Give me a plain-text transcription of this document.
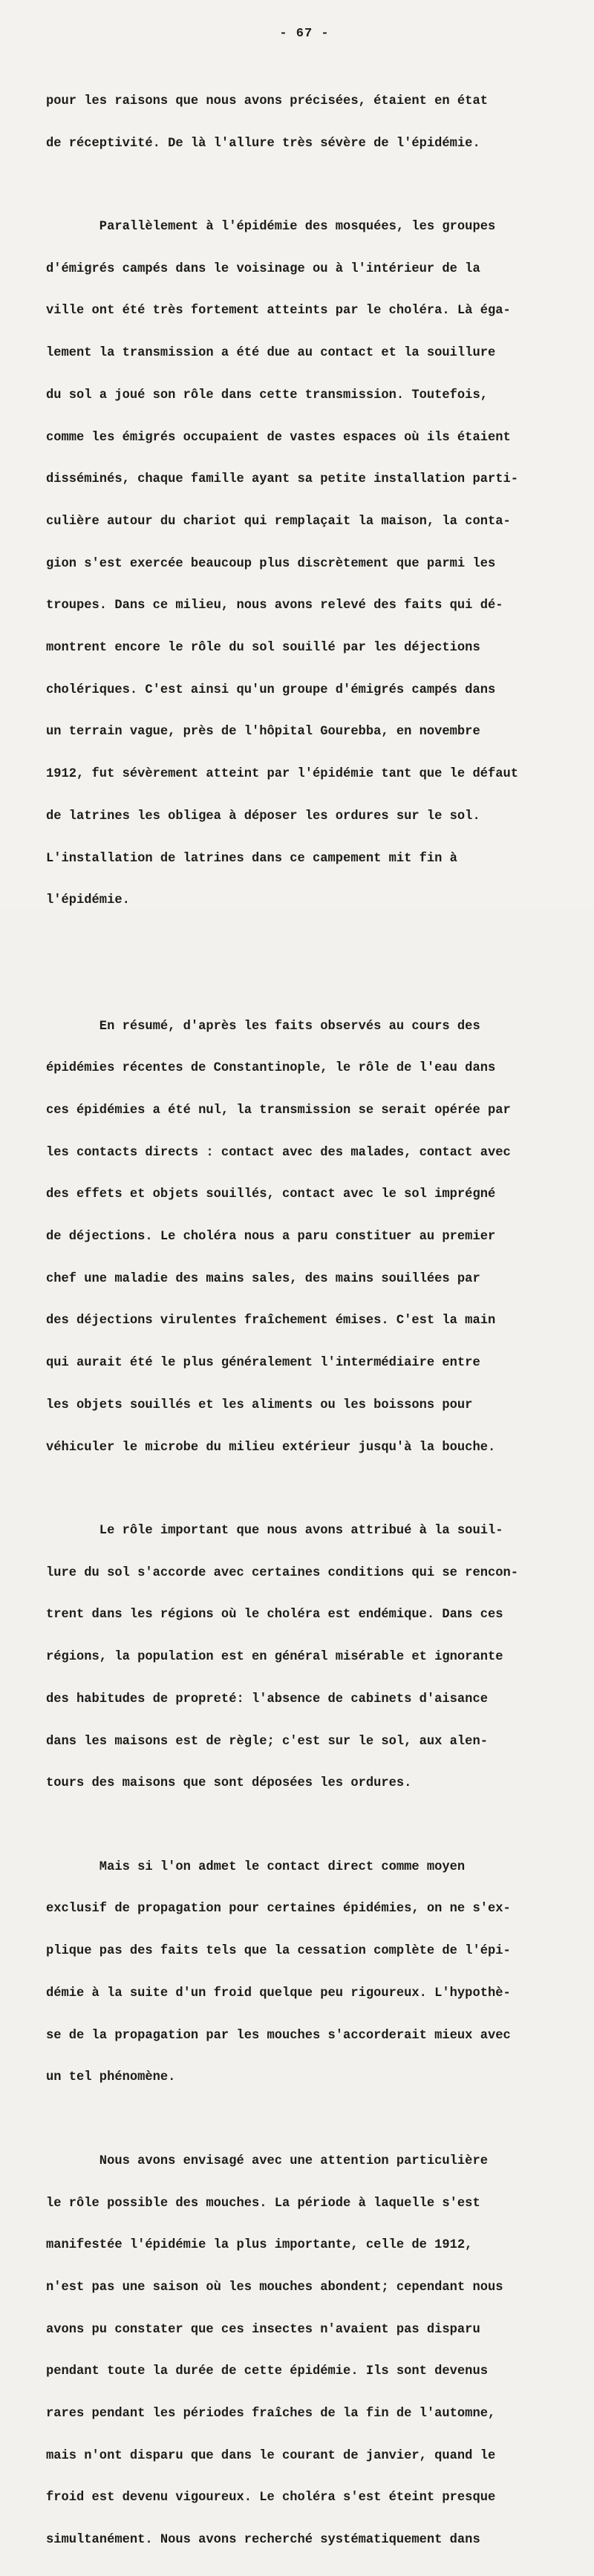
- 67 -

pour les raisons que nous avons précisées, étaient en état

de réceptivité. De là l'allure très sévère de l'épidémie.

Parallèlement à l'épidémie des mosquées, les groupes

d'émigrés campés dans le voisinage ou à l'intérieur de la

ville ont été très fortement atteints par le choléra. Là éga-

lement la transmission a été due au contact et la souillure

du sol a joué son rôle dans cette transmission. Toutefois,

comme les émigrés occupaient de vastes espaces où ils étaient

disséminés, chaque famille ayant sa petite installation parti-

culière autour du chariot qui remplaçait la maison, la conta-

gion s'est exercée beaucoup plus discrètement que parmi les

troupes. Dans ce milieu, nous avons relevé des faits qui dé-

montrent encore le rôle du sol souillé par les déjections

cholériques. C'est ainsi qu'un groupe d'émigrés campés dans

un terrain vague, près de l'hôpital Gourebba, en novembre

1912, fut sévèrement atteint par l'épidémie tant que le défaut

de latrines les obligea à déposer les ordures sur le sol.

L'installation de latrines dans ce campement mit fin à

l'épidémie.

En résumé, d'après les faits observés au cours des

épidémies récentes de Constantinople, le rôle de l'eau dans

ces épidémies a été nul, la transmission se serait opérée par

les contacts directs : contact avec des malades, contact avec

des effets et objets souillés, contact avec le sol imprégné

de déjections. Le choléra nous a paru constituer au premier

chef une maladie des mains sales, des mains souillées par

des déjections virulentes fraîchement émises. C'est la main

qui aurait été le plus généralement l'intermédiaire entre

les objets souillés et les aliments ou les boissons pour

véhiculer le microbe du milieu extérieur jusqu'à la bouche.

Le rôle important que nous avons attribué à la souil-

lure du sol s'accorde avec certaines conditions qui se rencon-

trent dans les régions où le choléra est endémique. Dans ces

régions, la population est en général misérable et ignorante

des habitudes de propreté: l'absence de cabinets d'aisance

dans les maisons est de règle; c'est sur le sol, aux alen-

tours des maisons que sont déposées les ordures.

Mais si l'on admet le contact direct comme moyen

exclusif de propagation pour certaines épidémies, on ne s'ex-

plique pas des faits tels que la cessation complète de l'épi-

démie à la suite d'un froid quelque peu rigoureux. L'hypothè-

se de la propagation par les mouches s'accorderait mieux avec

un tel phénomène.

Nous avons envisagé avec une attention particulière

le rôle possible des mouches. La période à laquelle s'est

manifestée l'épidémie la plus importante, celle de 1912,

n'est pas une saison où les mouches abondent; cependant nous

avons pu constater que ces insectes n'avaient pas disparu

pendant toute la durée de cette épidémie. Ils sont devenus

rares pendant les périodes fraîches de la fin de l'automne,

mais n'ont disparu que dans le courant de janvier, quand le

froid est devenu vigoureux. Le choléra s'est éteint presque

simultanément. Nous avons recherché systématiquement dans
